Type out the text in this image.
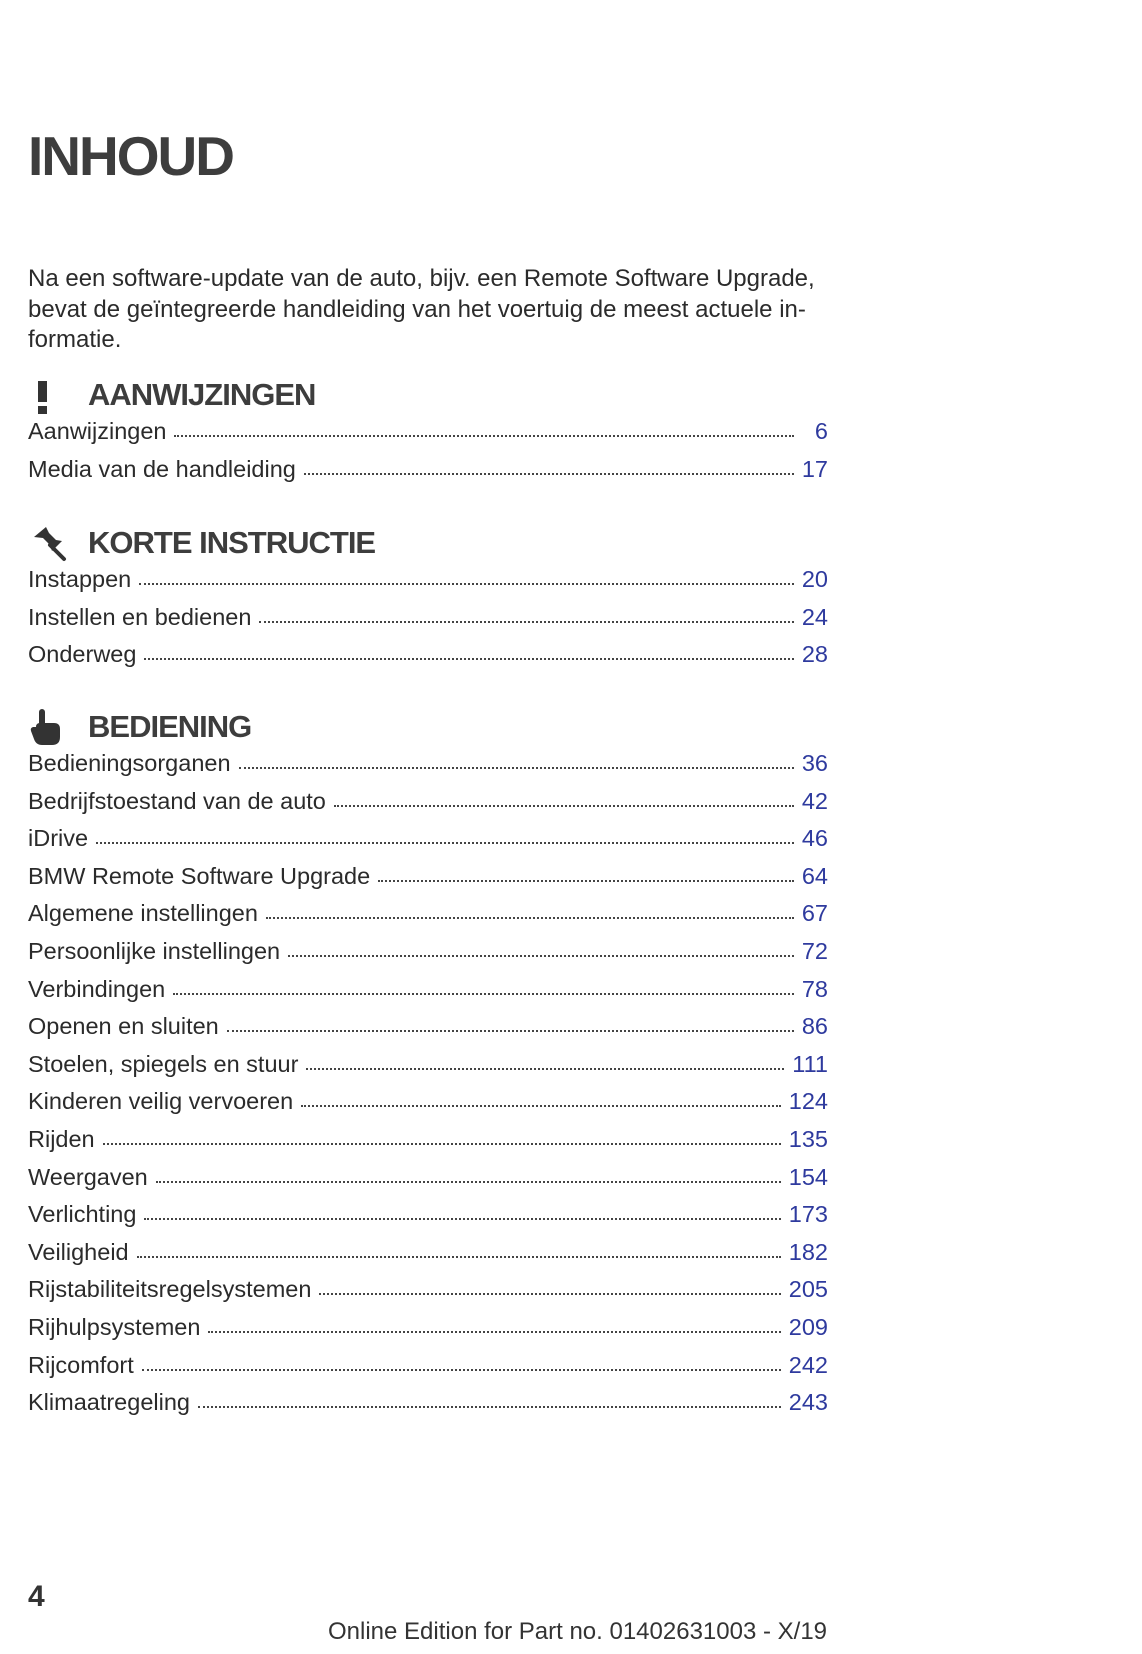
INHOUD

Na een software-update van de auto, bijv. een Remote Software Upgrade, bevat de geïntegreerde handleiding van het voertuig de meest actuele in-formatie.

AANWIJZINGEN
Aanwijzingen	6
Media van de handleiding	17
KORTE INSTRUCTIE
Instappen	20
Instellen en bedienen	24
Onderweg	28
BEDIENING
Bedieningsorganen	36
Bedrijfstoestand van de auto	42
iDrive	46
BMW Remote Software Upgrade	64
Algemene instellingen	67
Persoonlijke instellingen	72
Verbindingen	78
Openen en sluiten	86
Stoelen, spiegels en stuur	111
Kinderen veilig vervoeren	124
Rijden	135
Weergaven	154
Verlichting	173
Veiligheid	182
Rijstabiliteitsregelsystemen	205
Rijhulpsystemen	209
Rijcomfort	242
Klimaatregeling	243
4
Online Edition for Part no. 01402631003 - X/19
